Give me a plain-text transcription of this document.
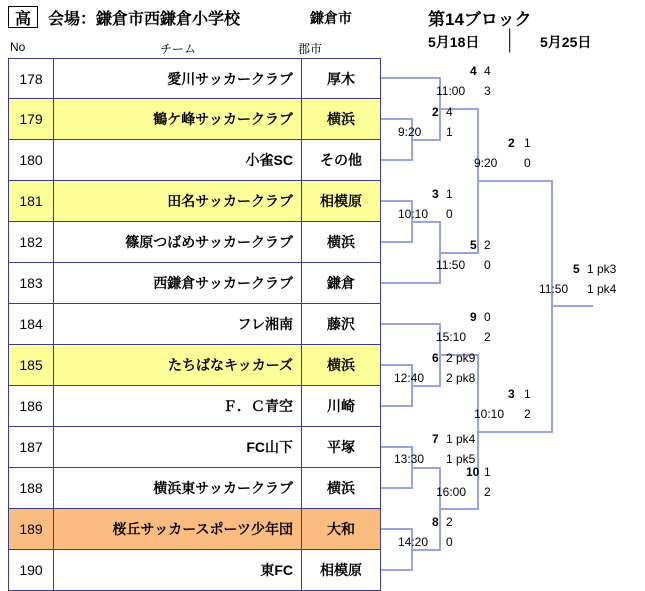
高	会場：鎌倉市西鎌倉小学校	鎌倉市	第14ブロック
5月18日	5月25日
|
|
No	チーム	郡市
178	愛川サッカークラブ	厚木
179	鶴ケ峰サッカークラブ	横浜
180	小雀SC	その他
181	田名サッカークラブ	相模原
182	篠原つばめサッカークラブ	横浜
183	西鎌倉サッカークラブ	鎌倉
184	フレ湘南	藤沢
185	たちばなキッカーズ	横浜
186	Ｆ．Ｃ青空	川崎
187	FC山下	平塚
188	横浜東サッカークラブ	横浜
189	桜丘サッカースポーツ少年団	大和
190	東FC	相模原
4 4
11:00 3
2 4
9:20 1
2 1
9:20 0
3 1
10:10 0
5 2
11:50 0
9 0
15:10 2
6 2 pk9
12:40 2 pk8
3 1
10:10 2
7 1 pk4
13:30 1 pk5
10 1
16:00 2
8 2
14:20 0
5 1 pk3
11:50 1 pk4
